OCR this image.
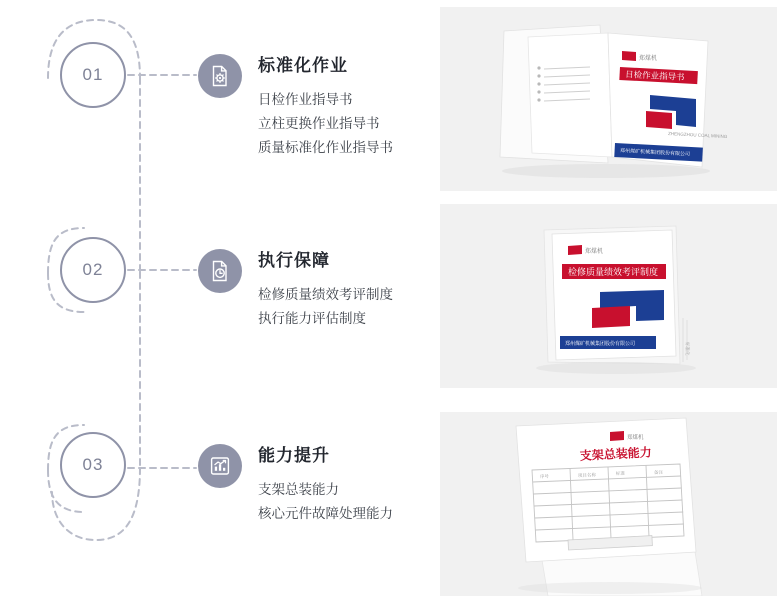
01	标准化作业
日检作业指导书
立柱更换作业指导书
质量标准化作业指导书
02	执行保障
检修质量绩效考评制度
执行能力评估制度
03	能力提升
支架总装能力
核心元件故障处理能力
郑煤机
日检作业指导书
郑州煤矿机械集团股份有限公司
ZHENGZHOU COAL MINING
郑煤机
检修质量绩效考评制度
郑州煤矿机械集团股份有限公司	标准化
郑煤机
支架总装能力
序号	项目名称	标准	备注
